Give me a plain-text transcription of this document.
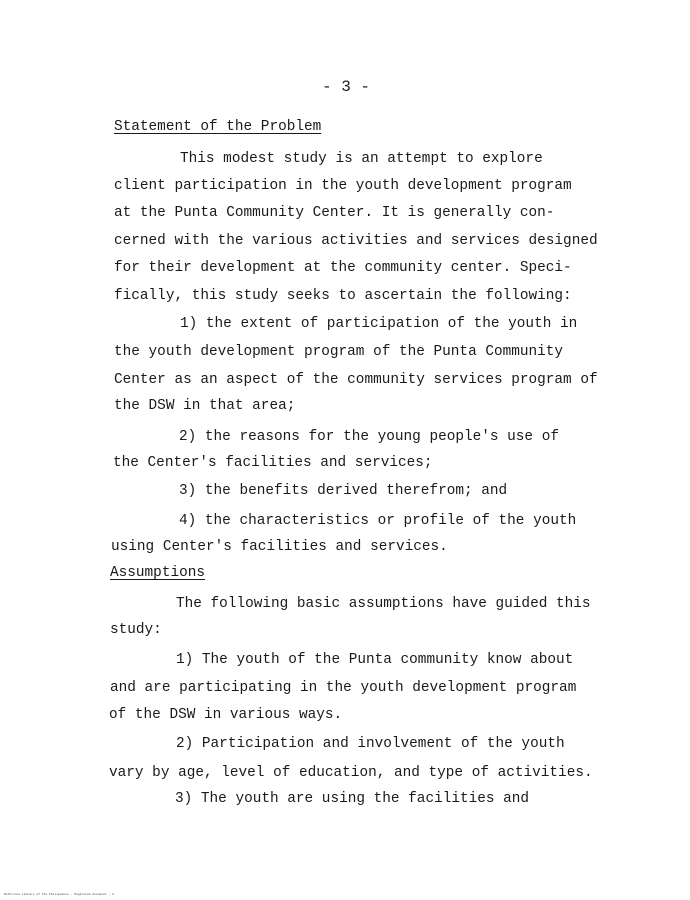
- 3 -
Statement of the Problem
This modest study is an attempt to explore
client participation in the youth development program
at the Punta Community Center. It is generally con-
cerned with the various activities and services designed
for their development at the community center. Speci-
fically, this study seeks to ascertain the following:
1) the extent of participation of the youth in
the youth development program of the Punta Community
Center as an aspect of the community services program of
the DSW in that area;
2) the reasons for the young people's use of
the Center's facilities and services;
3) the benefits derived therefrom; and
4) the characteristics or profile of the youth
using Center's facilities and services.
Assumptions
The following basic assumptions have guided this
study:
1) The youth of the Punta community know about
and are participating in the youth development program
of the DSW in various ways.
2) Participation and involvement of the youth
vary by age, level of education, and type of activities.
3) The youth are using the facilities and
Reference Library of the Philippines · Digitized document · 3
